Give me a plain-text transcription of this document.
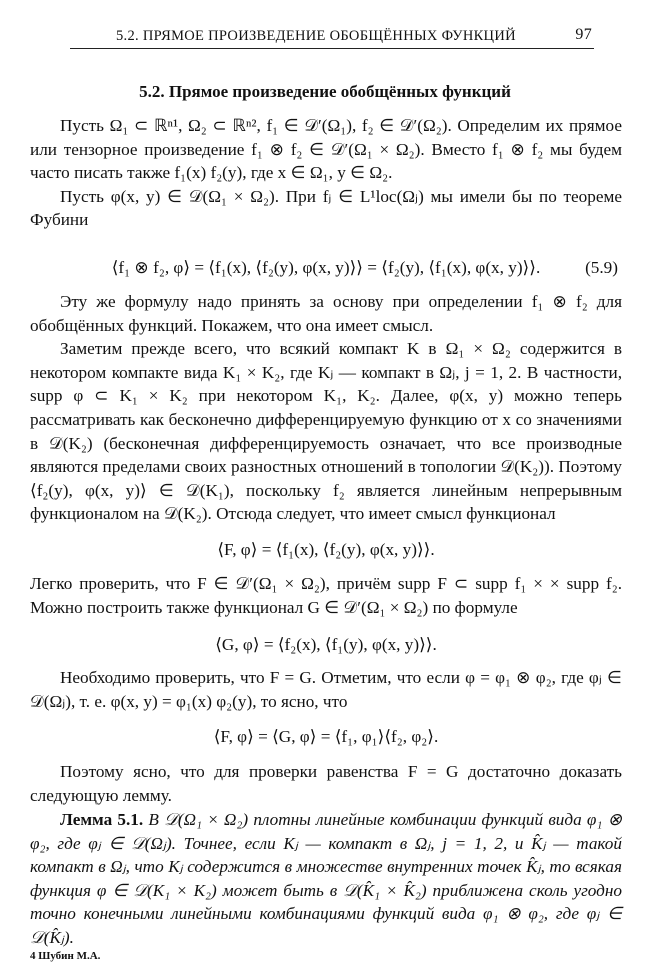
5.2. ПРЯМОЕ ПРОИЗВЕДЕНИЕ ОБОБЩЁННЫХ ФУНКЦИЙ	97
5.2. Прямое произведение обобщённых функций

Пусть Ω₁ ⊂ ℝⁿ¹, Ω₂ ⊂ ℝⁿ², f₁ ∈ 𝒟′(Ω₁), f₂ ∈ 𝒟′(Ω₂). Определим их прямое или тензорное произведение f₁ ⊗ f₂ ∈ 𝒟′(Ω₁ × Ω₂). Вместо f₁ ⊗ f₂ мы будем часто писать также f₁(x) f₂(y), где x ∈ Ω₁, y ∈ Ω₂.

Пусть φ(x, y) ∈ 𝒟(Ω₁ × Ω₂). При fⱼ ∈ L¹loc(Ωⱼ) мы имели бы по теореме Фубини

⟨f₁ ⊗ f₂, φ⟩ = ⟨f₁(x), ⟨f₂(y), φ(x, y)⟩⟩ = ⟨f₂(y), ⟨f₁(x), φ(x, y)⟩⟩.	(5.9)

Эту же формулу надо принять за основу при определении f₁ ⊗ f₂ для обобщённых функций. Покажем, что она имеет смысл.

Заметим прежде всего, что всякий компакт K в Ω₁ × Ω₂ содержится в некотором компакте вида K₁ × K₂, где Kⱼ — компакт в Ωⱼ, j = 1, 2. В частности, supp φ ⊂ K₁ × K₂ при некотором K₁, K₂. Далее, φ(x, y) можно теперь рассматривать как бесконечно дифференцируемую функцию от x со значениями в 𝒟(K₂) (бесконечная дифференцируемость означает, что все производные являются пределами своих разностных отношений в топологии 𝒟(K₂)). Поэтому ⟨f₂(y), φ(x, y)⟩ ∈ 𝒟(K₁), поскольку f₂ является линейным непрерывным функционалом на 𝒟(K₂). Отсюда следует, что имеет смысл функционал

⟨F, φ⟩ = ⟨f₁(x), ⟨f₂(y), φ(x, y)⟩⟩.

Легко проверить, что F ∈ 𝒟′(Ω₁ × Ω₂), причём supp F ⊂ supp f₁ × × supp f₂. Можно построить также функционал G ∈ 𝒟′(Ω₁ × Ω₂) по формуле

⟨G, φ⟩ = ⟨f₂(x), ⟨f₁(y), φ(x, y)⟩⟩.

Необходимо проверить, что F = G. Отметим, что если φ = φ₁ ⊗ φ₂, где φⱼ ∈ 𝒟(Ωⱼ), т. е. φ(x, y) = φ₁(x) φ₂(y), то ясно, что

⟨F, φ⟩ = ⟨G, φ⟩ = ⟨f₁, φ₁⟩⟨f₂, φ₂⟩.

Поэтому ясно, что для проверки равенства F = G достаточно доказать следующую лемму.

Лемма 5.1. В 𝒟(Ω₁ × Ω₂) плотны линейные комбинации функций вида φ₁ ⊗ φ₂, где φⱼ ∈ 𝒟(Ωⱼ). Точнее, если Kⱼ — компакт в Ωⱼ, j = 1, 2, и K̂ⱼ — такой компакт в Ωⱼ, что Kⱼ содержится в множестве внутренних точек K̂ⱼ, то всякая функция φ ∈ 𝒟(K₁ × K₂) может быть в 𝒟(K̂₁ × K̂₂) приближена сколь угодно точно конечными линейными комбинациями функций вида φ₁ ⊗ φ₂, где φⱼ ∈ 𝒟(K̂ⱼ).

4 Шубин М.А.
